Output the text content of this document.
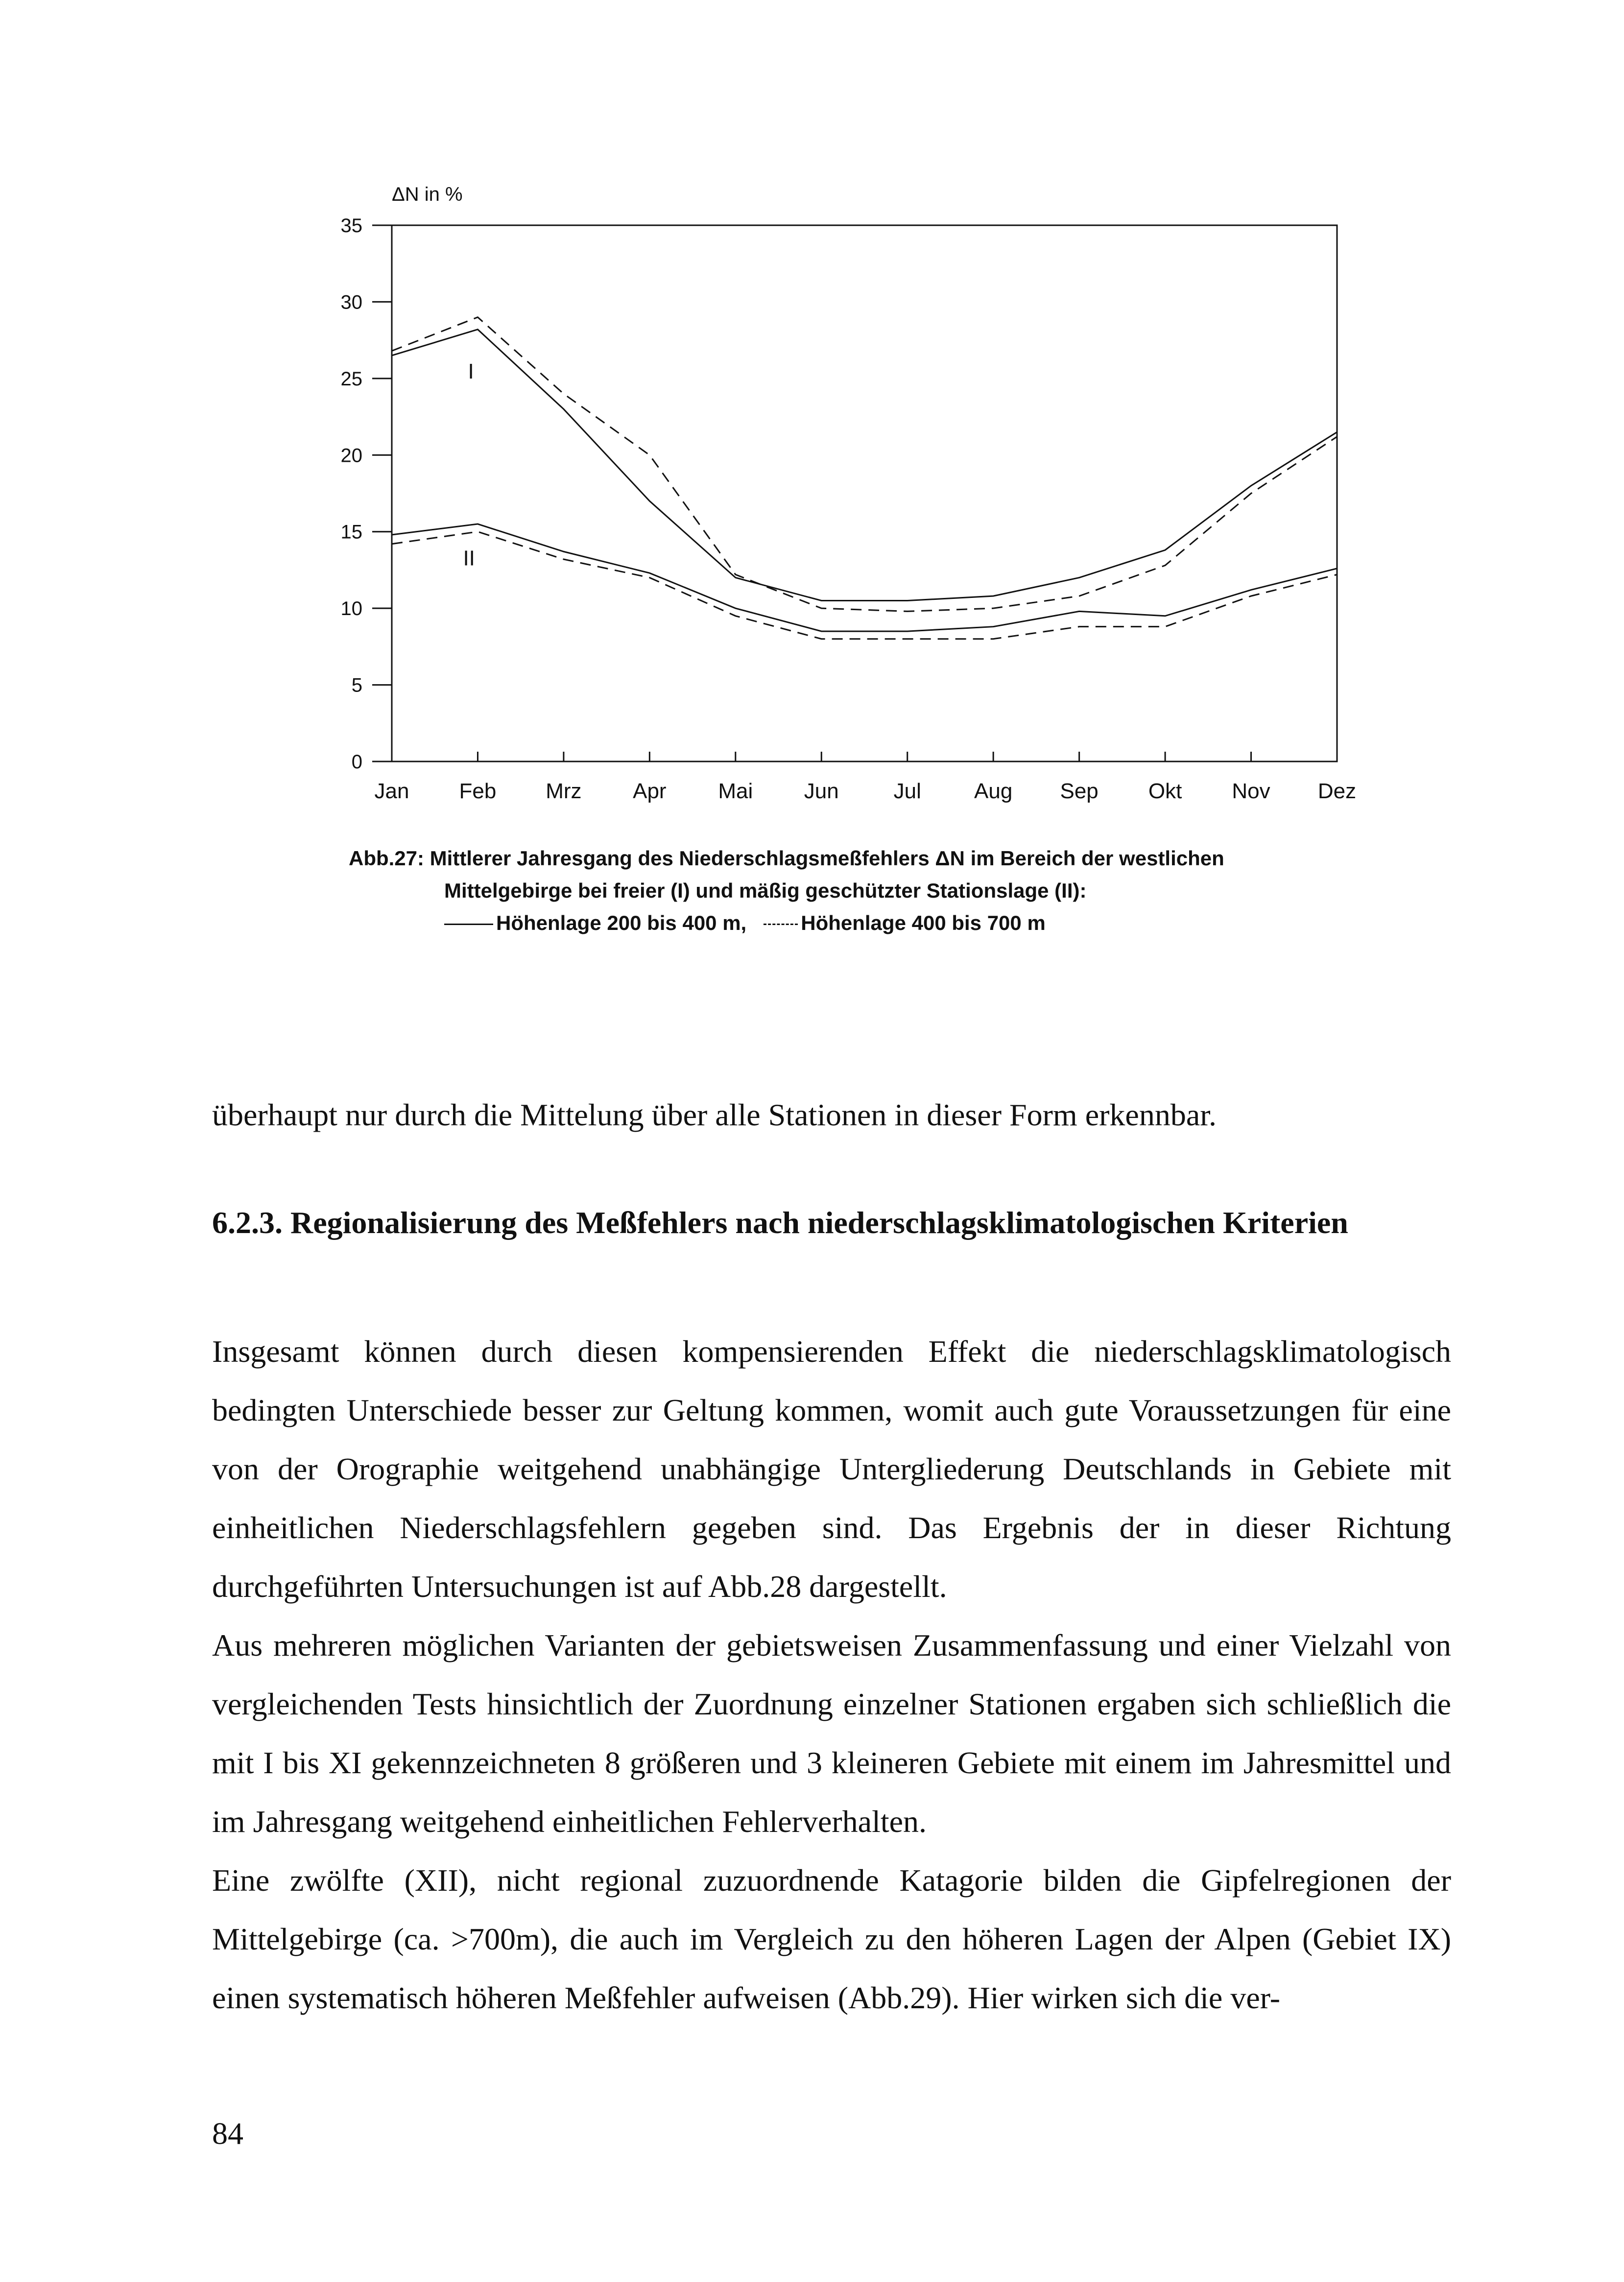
0
5
10
15
20
25
30
35
ΔN in %
Jan Feb Mrz Apr Mai Jun	Jul Aug Sep Okt Nov Dez
I
II
Abb.27: Mittlerer Jahresgang des Niederschlagsmeßfehlers ΔN im Bereich der westlichen

Mittelgebirge bei freier (I) und mäßig geschützter Stationslage (II):
Höhenlage 200 bis 400 m,	Höhenlage 400 bis 700 m
überhaupt nur durch die Mittelung über alle Stationen in dieser Form erkennbar.
6.2.3. Regionalisierung des Meßfehlers nach niederschlagsklimatologischen Kriterien

Insgesamt können durch diesen kompensierenden Effekt die niederschlagsklimatologisch bedingten Unterschiede besser zur Geltung kommen, womit auch gute Voraussetzungen für eine von der Orographie weitgehend unabhängige Untergliederung Deutschlands in Gebiete mit einheitlichen Niederschlagsfehlern gegeben sind. Das Ergebnis der in dieser Richtung durchgeführten Untersuchungen ist auf Abb.28 dargestellt.

Aus mehreren möglichen Varianten der gebietsweisen Zusammenfassung und einer Vielzahl von vergleichenden Tests hinsichtlich der Zuordnung einzelner Stationen ergaben sich schließlich die mit I bis XI gekennzeichneten 8 größeren und 3 kleineren Gebiete mit einem im Jahresmittel und im Jahresgang weitgehend einheitlichen Fehlerverhalten.

Eine zwölfte (XII), nicht regional zuzuordnende Katagorie bilden die Gipfelregionen der Mittelgebirge (ca. >700m), die auch im Vergleich zu den höheren Lagen der Alpen (Gebiet IX) einen systematisch höheren Meßfehler aufweisen (Abb.29). Hier wirken sich die ver-

84
